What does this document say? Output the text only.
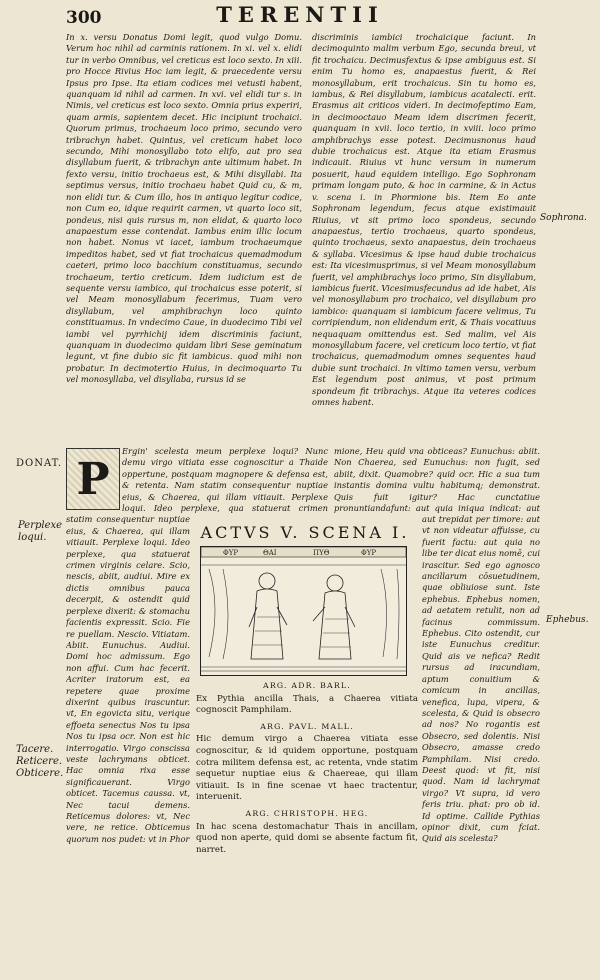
300	TERENTII

In x. versu Donatus Domi legit, quod vulgo Domu. Verum hoc nihil ad carminis rationem. In xi. vel x. elidi tur in verbo Omnibus, vel creticus est loco sexto. In xiii. pro Hocce Rivius Hoc iam legit, & praecedente versu Ipsus pro Ipse. Ita etiam codices mei vetusti habent, quanquam id nihil ad carmen. In xvi. vel elidi tur s. in Nimis, vel creticus est loco sexto. Omnia prius experiri, quam armis, sapientem decet. Hic incipiunt trochaici. Quorum primus, trochaeum loco primo, secundo vero tribrachyn habet. Quintus, vel creticum habet loco secundo, Mihi monosyllabo toto elifo, aut pro sea disyllabum fuerit, & tribrachyn ante ultimum habet. In fexto versu, initio trochaeus est, & Mihi disyllabi. Ita septimus versus, initio trochaeu habet Quid cu, & m, non elidi tur. & Cum illo, hos in antiquo legitur codice, non Cum eo, idque requirit carmen, vt quarto loco sit, pondeus, nisi quis rursus m, non elidat, & quarto loco anapaestum esse contendat. Iambus enim illic locum non habet. Nonus vt iacet, iambum trochaeumque impeditos habet, sed vt fiat trochaicus quemadmodum caeteri, primo loco bacchium constituamus, secundo trochaeum, tertio creticum. Idem iudicium est de sequente versu iambico, qui trochaicus esse poterit, si vel Meam monosyllabum fecerimus, Tuam vero disyllabum, vel amphibrachyn loco quinto constituamus. In vndecimo Caue, in duodecimo Tibi vel iambi vel pyrrhichij idem discriminis faciunt, quanquam in duodecimo quidam libri Sese geminatum legunt, vt fine dubio sic fit iambicus. quod mihi non probatur. In decimotertio Huius, in decimoquarto Tu vel monosyllaba, vel disyllaba, rursus id se

discriminis iambici trochaicique faciunt. In decimoquinto malim verbum Ego, secunda breui, vt fit trochaicu. Decimusfextus & ipse ambiguus est. Si enim Tu homo es, anapaestus fuerit, & Rei monosyllabum, erit trochaicus. Sin tu homo es, iambus, & Rei disyllabum, iambicus acatalecti. erit. Erasmus ait criticos videri. In decimofeptimo Eam, in decimooctauo Meam idem discrimen fecerit, quanquam in xvii. loco tertio, in xviii. loco primo amphibrachys esse potest. Decimusnonus haud dubie trochaicus est. Atque ita etiam Erasmus indicauit. Riuius vt hunc versum in numerum posuerit, haud equidem intelligo. Ego Sophronam primam longam puto, & hoc in carmine, & in Actus v. scena i. in Phormione bis. Item Eo ante Sophronam legendum, fecus atque existimauit Riuius, vt sit primo loco spondeus, secundo anapaestus, tertio trochaeus, quarto spondeus, quinto trochaeus, sexto anapaestus, dein trochaeus & syllaba. Vicesimus & ipse haud dubie trochaicus est: Ita vicesimusprimus, si vel Meam monosyllabum fuerit, vel amphibrachys loco primo, Sin disyllabum, iambicus fuerit. Vicesimusfecundus ad ide habet, Ais vel monosyllabum pro trochaico, vel disyllabum pro iambico: quanquam si iambicum facere velimus, Tu corripiendum, non elidendum erit, & Thais vocatiuus nequaquam omittendus est. Sed malim, vel Ais monosyllabum facere, vel creticum loco tertio, vt fiat trochaicus, quemadmodum omnes sequentes haud dubie sunt trochaici. In vltimo tamen versu, verbum Est legendum post animus, vt post primum spondeum fit tribrachys. Atque ita veteres codices omnes habent.

Sophrona.
DONAT. P

Ergin' scelesta meum perplexe loqui? Nunc demu virgo vitiata esse cognoscitur a Thaide oppertune, postquam magnopere & defensa est, & retenta. Nam statim consequentur nuptiae eius, & Chaerea, qui illam vitiauit. Perplexe loqui. Ideo perplexe, qua statuerat crimen

mione, Heu quid vna obticeas? Eunuchus: abiit. Non Chaerea, sed Eunuchus: non fugit, sed abiit, dixit. Quamobre? quid ocr. Hic a sua tum instantis domina vultu habitumq; demonstrat. Quis fuit igitur? Hac cunctatiue pronuntiandafunt: aut quia iniqua indicat: aut

statim consequentur nuptiae eius, & Chaerea, qui illam vitiauit. Perplexe loqui. Ideo perplexe, qua statuerat crimen virginis celare. Scio, nescis, abiit, audiui. Mire ex dictis omnibus pauca decerpit, & ostendit quid perplexe dixerit: & stomachu facientis expressit. Scio. Fie re puellam. Nescio. Vitiatam. Abiit. Eunuchus. Audiui. Domi hoc admissum. Ego non affui. Cum hac fecerit. Acriter iratorum est, ea repetere quae proxime dixerint quibus irascuntur. vt, En egovicta situ, verique effoeta senectus Nos tu ipsa Nos tu ipsa ocr. Non est hic interrogatio. Virgo conscissa veste lachrymans obticet. Hac omnia rixa esse significauerant. Virgo obticet. Tacemus caussa. vt, Nec tacui demens. Reticemus dolores: vt, Nec vere, ne retice. Obticemus quorum nos pudet: vt in Phor

aut trepidat per timore: aut vt non videatur affuisse, cu fuerit factu: aut quia no libe ter dicat eius nomē, cui irascitur. Sed ego agnosco ancillarum cōsuetudinem, quae obliuiose sunt. Iste ephebus. Ephebus nomen, ad aetatem retulit, non ad facinus commissum. Ephebus. Cito ostendit, cur iste Eunuchus creditur. Quid ais ve nefica? Redit rursus ad iracundiam, aptum conuitium & comicum in ancillas, venefica, lupa, vipera, & scelesta, & Quid is obsecro ad nos? No rogantis est Obsecro, sed dolentis. Nisi Obsecro, amasse credo Pamphilam. Nisi credo. Deest quod: vt fit, nisi quod. Nam id lachrymat virgo? Vt supra, id vero feris triu. phat: pro ob id. Id optime. Callide Pythias opinor dixit, cum fciat. Quid ais scelesta?

Perplexe loqui.
Tacere. Reticere. Obticere.
Ephebus.
ACTVS V. SCENA I.
ΦΥΡ	ΘΑΙ	ΠΥΘ	ΦΥΡ
ARG. ADR. BARL.

Ex Pythia ancilla Thais, a Chaerea vitiata cognoscit Pamphilam.

ARG. PAVL. MALL.

Hic demum virgo a Chaerea vitiata esse cognoscitur, & id quidem opportune, postquam cotra militem defensa est, ac retenta, vnde statim sequetur nuptiae eius & Chaereae, qui illam vitiauit. Is in fine scenae vt haec tractentur, interuenit.

ARG. CHRISTOPH. HEG.

In hac scena destomachatur Thais in ancillam, quod non aperte, quid domi se absente factum fit, narret.
